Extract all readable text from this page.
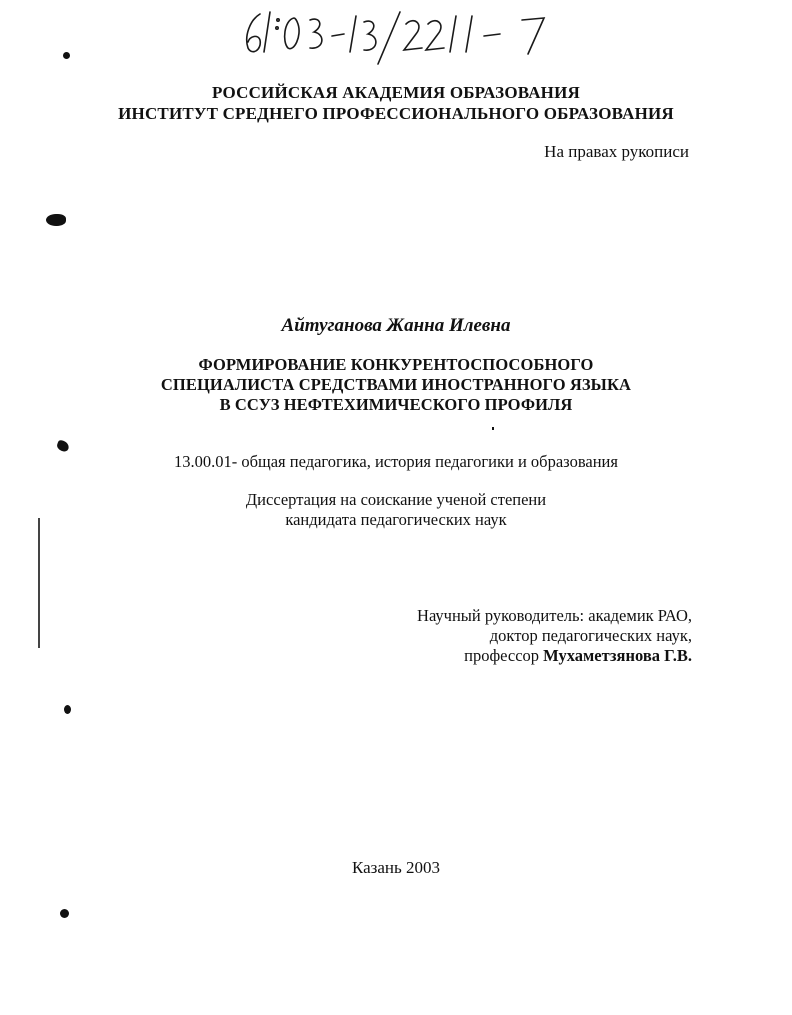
РОССИЙСКАЯ АКАДЕМИЯ ОБРАЗОВАНИЯ
ИНСТИТУТ СРЕДНЕГО ПРОФЕССИОНАЛЬНОГО ОБРАЗОВАНИЯ
На правах рукописи
Айтуганова Жанна Илевна
ФОРМИРОВАНИЕ КОНКУРЕНТОСПОСОБНОГО
СПЕЦИАЛИСТА СРЕДСТВАМИ ИНОСТРАННОГО ЯЗЫКА
В ССУЗ НЕФТЕХИМИЧЕСКОГО ПРОФИЛЯ
13.00.01- общая педагогика, история педагогики и образования
Диссертация на соискание ученой степени
кандидата педагогических наук
Научный руководитель: академик РАО,
доктор педагогических наук,
профессор Мухаметзянова Г.В.
Казань 2003
